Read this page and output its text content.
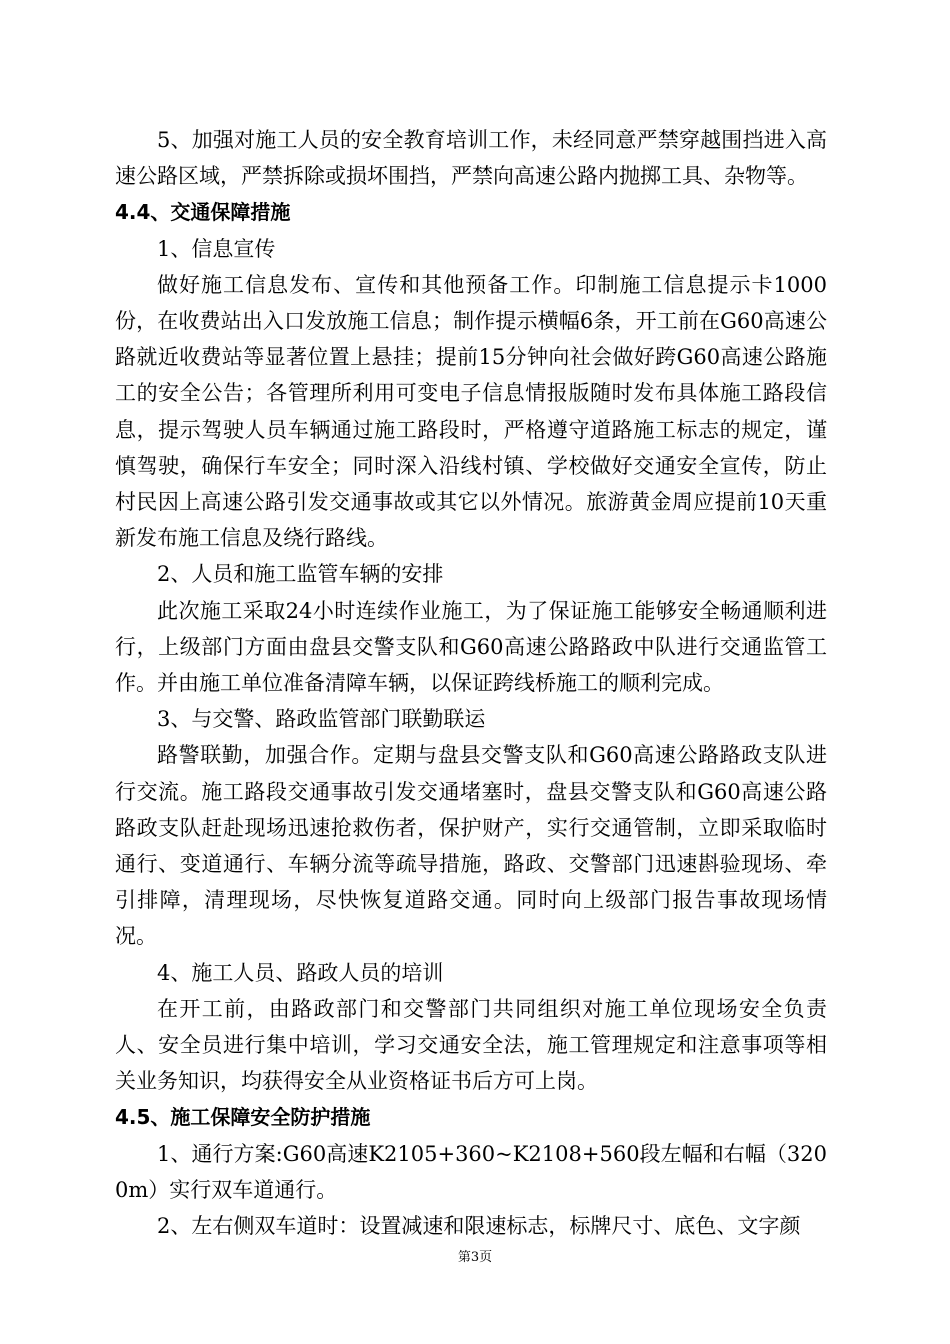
5、加强对施工人员的安全教育培训工作，未经同意严禁穿越围挡进入高速公路区域，严禁拆除或损坏围挡，严禁向高速公路内抛掷工具、杂物等。

4.4、交通保障措施

1、信息宣传

做好施工信息发布、宣传和其他预备工作。印制施工信息提示卡1000份，在收费站出入口发放施工信息；制作提示横幅6条，开工前在G60高速公路就近收费站等显著位置上悬挂；提前15分钟向社会做好跨G60高速公路施工的安全公告；各管理所利用可变电子信息情报版随时发布具体施工路段信息，提示驾驶人员车辆通过施工路段时，严格遵守道路施工标志的规定，谨慎驾驶，确保行车安全；同时深入沿线村镇、学校做好交通安全宣传，防止村民因上高速公路引发交通事故或其它以外情况。旅游黄金周应提前10天重新发布施工信息及绕行路线。

2、人员和施工监管车辆的安排

此次施工采取24小时连续作业施工，为了保证施工能够安全畅通顺利进行，上级部门方面由盘县交警支队和G60高速公路路政中队进行交通监管工作。并由施工单位准备清障车辆，以保证跨线桥施工的顺利完成。

3、与交警、路政监管部门联勤联运

路警联勤，加强合作。定期与盘县交警支队和G60高速公路路政支队进行交流。施工路段交通事故引发交通堵塞时，盘县交警支队和G60高速公路路政支队赶赴现场迅速抢救伤者，保护财产，实行交通管制，立即采取临时通行、变道通行、车辆分流等疏导措施，路政、交警部门迅速斟验现场、牵引排障，清理现场，尽快恢复道路交通。同时向上级部门报告事故现场情况。

4、施工人员、路政人员的培训

在开工前，由路政部门和交警部门共同组织对施工单位现场安全负责人、安全员进行集中培训，学习交通安全法，施工管理规定和注意事项等相关业务知识，均获得安全从业资格证书后方可上岗。

4.5、施工保障安全防护措施

1、通行方案:G60高速K2105+360~K2108+560段左幅和右幅（3200m）实行双车道通行。

2、左右侧双车道时：设置减速和限速标志，标牌尺寸、底色、文字颜

第3页
